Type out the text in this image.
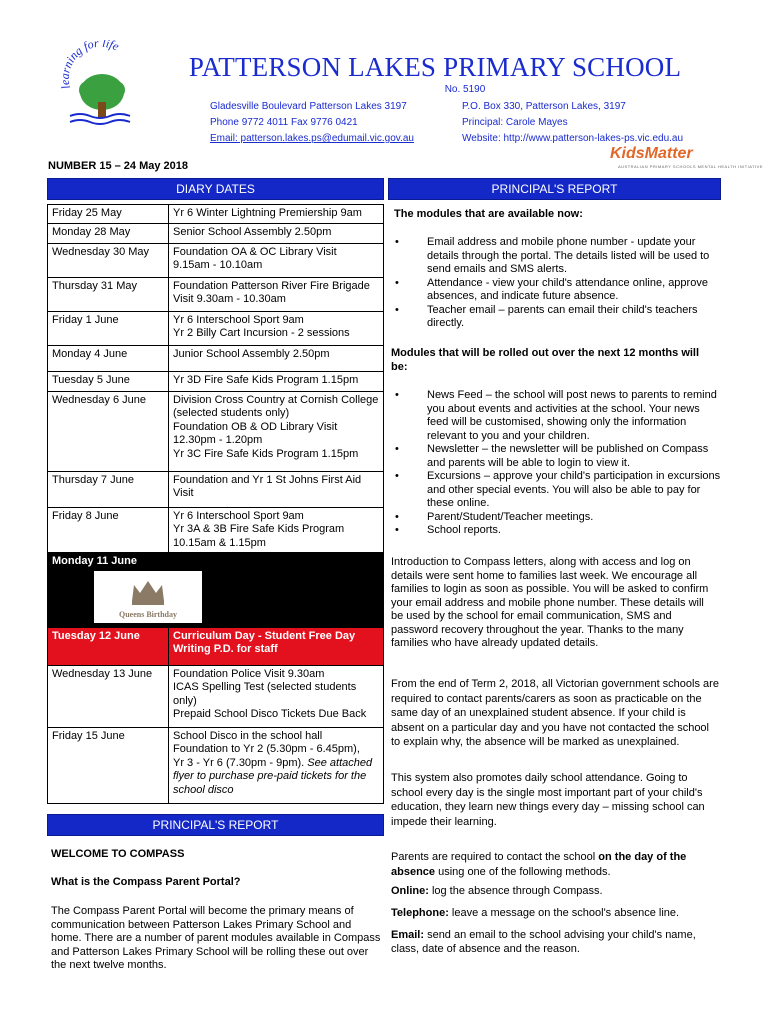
ning for life
PATTERSON LAKES PRIMARY SCHOOL
No. 5190
Gladesville Boulevard Patterson Lakes 3197
Phone 9772 4011 Fax 9776 0421
Email: patterson.lakes.ps@edumail.vic.gov.au
P.O. Box 330, Patterson Lakes, 3197
Principal: Carole Mayes
Website: http://www.patterson-lakes-ps.vic.edu.au
KidsMatter
AUSTRALIAN PRIMARY SCHOOLS MENTAL HEALTH INITIATIVE
NUMBER 15 – 24 May 2018
DIARY DATES
Friday 25 May	Yr 6 Winter Lightning Premiership 9am
Monday 28 May	Senior School Assembly 2.50pm
Wednesday 30 May	Foundation OA & OC Library Visit
9.15am - 10.10am
Thursday 31 May	Foundation Patterson River Fire Brigade Visit 9.30am - 10.30am
Friday 1 June	Yr 6 Interschool Sport 9am
Yr 2 Billy Cart Incursion - 2 sessions
Monday 4 June	Junior School Assembly 2.50pm
Tuesday 5 June	Yr 3D Fire Safe Kids Program 1.15pm
Wednesday 6 June	Division Cross Country at Cornish College (selected students only)
Foundation OB & OD Library Visit
12.30pm - 1.20pm
Yr 3C Fire Safe Kids Program 1.15pm
Thursday 7 June	Foundation and Yr 1 St Johns First Aid Visit
Friday 8 June	Yr 6 Interschool Sport 9am
Yr 3A & 3B Fire Safe Kids Program
10.15am & 1.15pm

Monday 11 June
Queens Birthday	

Tuesday 12 June	Curriculum Day - Student Free Day Writing P.D. for staff
Wednesday 13 June	Foundation Police Visit 9.30am
ICAS Spelling Test (selected students only)
Prepaid School Disco Tickets Due Back
Friday 15 June	School Disco in the school hall
Foundation to Yr 2 (5.30pm - 6.45pm),
Yr 3 - Yr 6 (7.30pm - 9pm). See attached flyer to purchase pre-paid tickets for the school disco
PRINCIPAL'S REPORT
WELCOME TO COMPASS
What is the Compass Parent Portal?
The Compass Parent Portal will become the primary means of communication between Patterson Lakes Primary School and home. There are a number of parent modules available in Compass and Patterson Lakes Primary School will be rolling these out over the next twelve months.
PRINCIPAL'S REPORT
The modules that are available now:
• Email address and mobile phone number - update your details through the portal. The details listed will be used to send emails and SMS alerts.
• Attendance - view your child's attendance online, approve absences, and indicate future absence.
• Teacher email – parents can email their child's teachers directly.
Modules that will be rolled out over the next 12 months will be:
• News Feed – the school will post news to parents to remind you about events and activities at the school. Your news feed will be customised, showing only the information relevant to you and your children.
• Newsletter – the newsletter will be published on Compass and parents will be able to login to view it.
• Excursions – approve your child's participation in excursions and other special events. You will also be able to pay for these online.
• Parent/Student/Teacher meetings.
• School reports.
Introduction to Compass letters, along with access and log on details were sent home to families last week. We encourage all families to login as soon as possible. You will be asked to confirm your email address and mobile phone number. These details will be used by the school for email communication, SMS and password recovery throughout the year. Thanks to the many families who have already updated details.
From the end of Term 2, 2018, all Victorian government schools are required to contact parents/carers as soon as practicable on the same day of an unexplained student absence. If your child is absent on a particular day and you have not contacted the school to explain why, the absence will be marked as unexplained.
This system also promotes daily school attendance. Going to school every day is the single most important part of your child's education, they learn new things every day – missing school can impede their learning.
Parents are required to contact the school on the day of the absence using one of the following methods.
Online: log the absence through Compass.
Telephone: leave a message on the school's absence line.
Email: send an email to the school advising your child's name, class, date of absence and the reason.
